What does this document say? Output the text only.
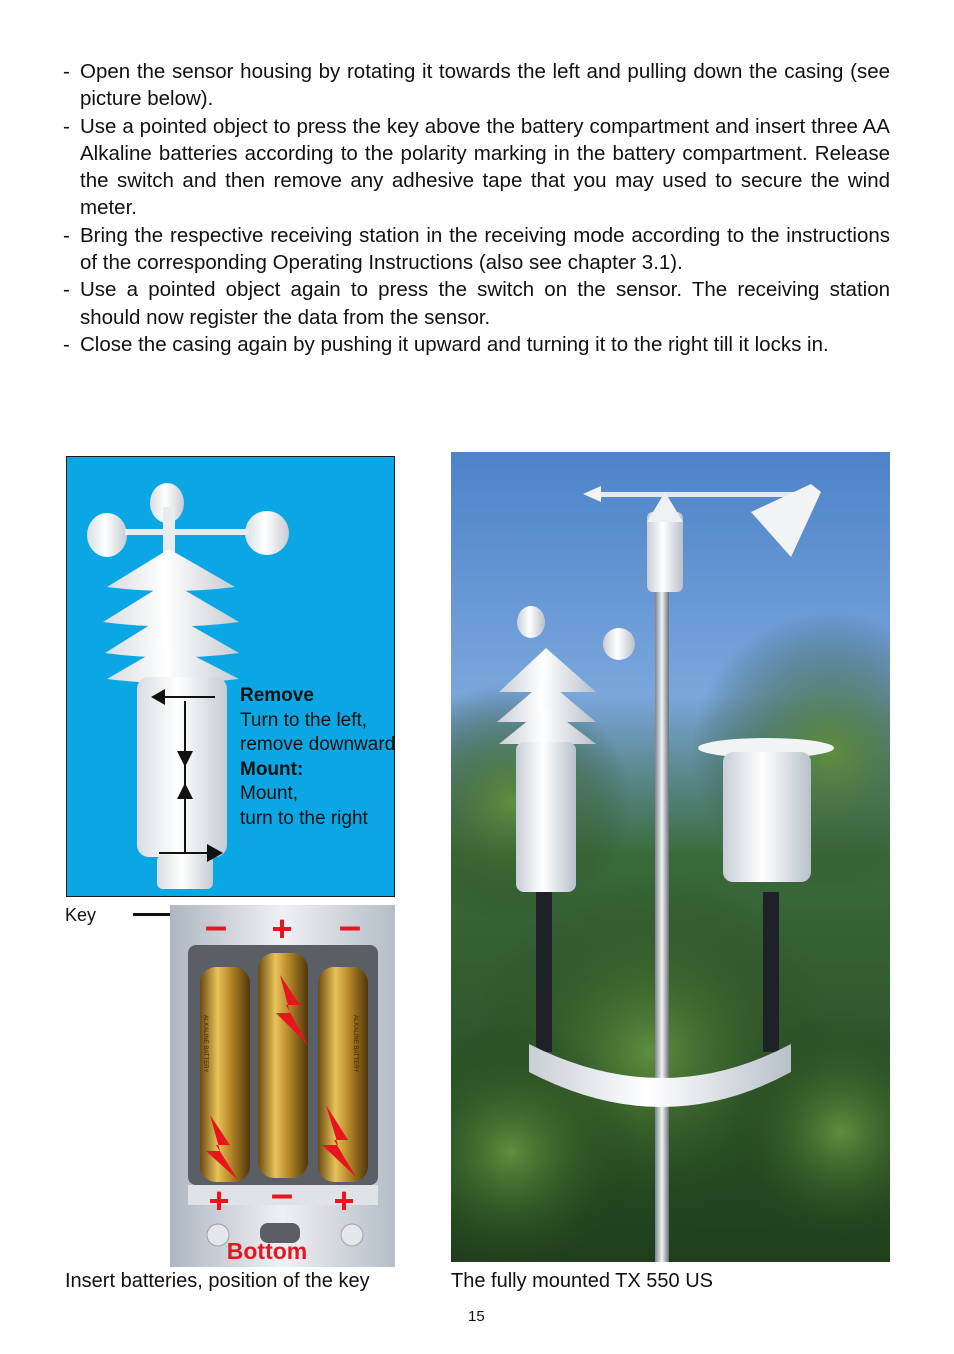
- Open the sensor housing by rotating it towards the left and pulling down the casing (see picture below).
- Use a pointed object to press the key above the battery compartment and insert three AA Alkaline batteries according to the polarity marking in the battery compartment. Release the switch and then remove any adhesive tape that you may used to secure the wind meter.
- Bring the respective receiving station in the receiving mode according to the instructions of the corresponding Operating Instructions (also see chapter 3.1).
- Use a pointed object again to press the switch on the sensor. The receiving station should now register the data from the sensor.
- Close the casing again by pushing it upward and turning it to the right till it locks in.
Remove
Turn to the left,
remove downward
Mount:
Mount,
turn to the right
Key
ALKALINE BATTERY	ALKALINE BATTERY
– + –
+ – +
Bottom
Insert batteries, position of the key	The fully mounted TX 550 US
15
